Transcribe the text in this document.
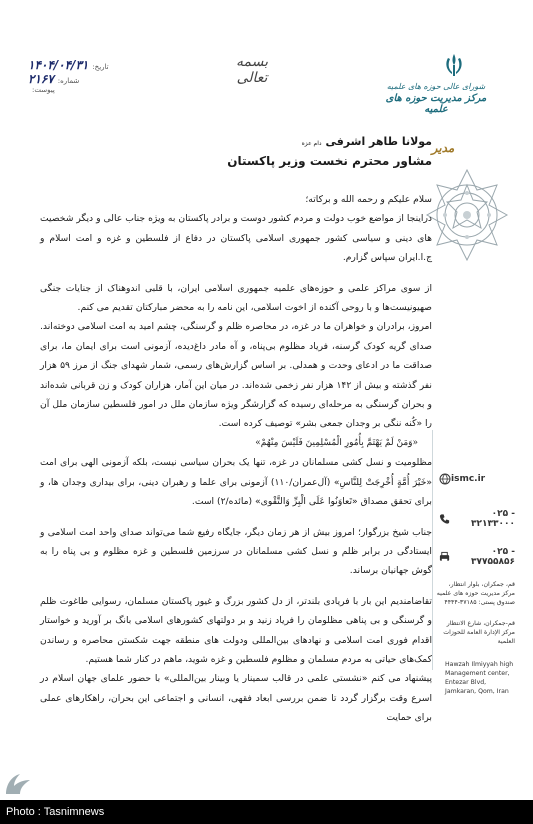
تاریخ:
۱۴۰۴/۰۴/۳۱
شماره:
۲۱۶۷
پیوست:
بسمه تعالی
شورای عالی حوزه های علمیه
مرکز مدیریت حوزه های علمیه
مدیر
مولانا طاهر اشرفی دام عزه
مشاور محترم نخست وزیر پاکستان

سلام علیکم و رحمه الله و برکاته؛

دراینجا از مواضع خوب دولت و مردم کشور دوست و برادر پاکستان به ویژه جناب عالی و دیگر شخصیت های دینی و سیاسی کشور جمهوری اسلامی پاکستان در دفاع از فلسطین و غزه و امت اسلام و ج.ا.ایران سپاس گزارم.

از سوی مراکز علمی و حوزه‌های علمیه جمهوری اسلامی ایران، با قلبی اندوهناک از جنایات جنگی صهیونیست‌ها و با روحی آکنده از اخوت اسلامی، این نامه را به محضر مبارکتان تقدیم می کنم.

امروز، برادران و خواهران ما در غزه، در محاصره ظلم و گرسنگی، چشم امید به امت اسلامی دوخته‌اند. صدای گریه کودک گرسنه، فریاد مظلوم بی‌پناه، و آه مادر داغ‌دیده، آزمونی است برای ایمان ما، برای صداقت ما در ادعای وحدت و همدلی. بر اساس گزارش‌های رسمی، شمار شهدای جنگ از مرز ۵۹ هزار نفر گذشته و بیش از ۱۴۲ هزار نفر زخمی شده‌اند. در میان این آمار، هزاران کودک و زن قربانی شده‌اند و بحران گرسنگی به مرحله‌ای رسیده که گزارشگر ویژه سازمان ملل در امور فلسطین سازمان ملل آن را «کُنه ننگی بر وجدان جمعی بشر» توصیف کرده است.

«وَمَنْ لَمْ یَهْتَمَّ بِأُمُورِ الْمُسْلِمِینَ فَلَیْسَ مِنْهُمْ»

مظلومیت و نسل کشی مسلمانان در غزه، تنها یک بحران سیاسی نیست، بلکه آزمونی الهی برای امت «خَیْرَ أُمَّةٍ أُخْرِجَتْ لِلنَّاسِ» (آل‌عمران/۱۱۰) آزمونی برای علما و رهبران دینی، برای بیداری وجدان ها، و برای تحقق مصداق «تَعاوَنُوا عَلَی الْبِرِّ وَالتَّقْوی» (مائده/۲) است.

جناب شیخ بزرگوار؛ امروز بیش از هر زمان دیگر، جایگاه رفیع شما می‌تواند صدای واحد امت اسلامی و ایستادگی در برابر ظلم و نسل کشی مسلمانان در سرزمین فلسطین و غزه مظلوم و بی پناه را به گوش جهانیان برساند.

تقاضامندیم این بار با فریادی بلندتر، از دل کشور بزرگ و غیور پاکستان مسلمان، رسوایی طاغوت ظلم و گرسنگی و بی پناهی مظلومان را فریاد زنید و بر دولتهای کشورهای اسلامی بانگ بر آورید و خواستار اقدام فوری امت اسلامی و نهادهای بین‌المللی ودولت های منطقه جهت شکستن محاصره و رساندن کمک‌های حیاتی به مردم مسلمان و مظلوم فلسطین و غزه شوید، ماهم در کنار شما هستیم.

پیشنهاد می کنم «نشستی علمی در قالب سمینار یا وبینار بین‌المللی» با حضور علمای جهان اسلام در اسرع وقت برگزار گردد تا ضمن بررسی ابعاد فقهی، انسانی و اجتماعی این بحران، راهکارهای عملی برای حمایت

ismc.ir
۰۲۵ - ۳۲۱۳۳۰۰۰
۰۲۵ - ۳۷۷۵۵۸۵۶
قم، جمکران، بلوار انتظار، مرکز مدیریت حوزه های علمیه صندوق پستی: ۳۷۱۸۵-۴۴۴۴
قم-جمکران، شارع الانتظار مرکز الإدارة العامة للحوزات العلمیة
Hawzah Ilmiyyah high Management center, Entezar Blvd, Jamkaran, Qom, Iran
Photo : Tasnimnews
